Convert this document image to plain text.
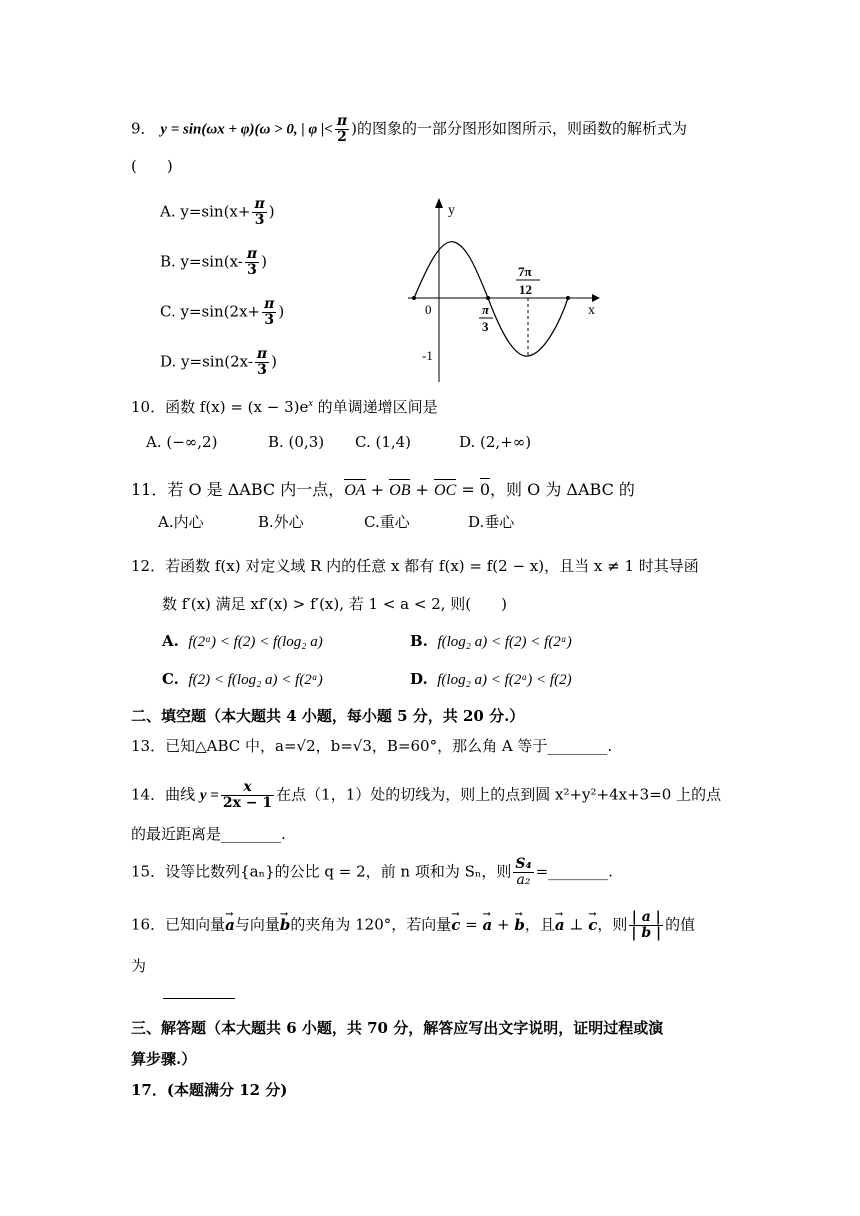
9． y = sin(ωx + φ)(ω > 0, | φ |< $\frac{\pi}{2}$ )的图象的一部分图形如图所示，则函数的解析式为
(　　)
A. $y=\sin(x+ \frac{\pi}{3}$ )
B. $y=\sin(x- \frac{\pi}{3}$ )
C. $y=\sin(2x+ \frac{\pi}{3}$ )
D. $y=\sin(2x- \frac{\pi}{3}$ )
y
x
0
-1
π
3
7π
12
10．函数 $f(x) = (x - 3)e^x$ 的单调递增区间是
A. (−∞,2)	B. (0,3) C. (1,4)	D. (2,+∞)
11．若 O 是 ΔABC 内一点，OA + OB + OC = 0，则 O 为 ΔABC 的
A.内心	B.外心	C.重心	D.垂心
12．若函数 f(x) 对定义域 R 内的任意 x 都有 f(x) = f(2 − x)，且当 x ≠ 1 时其导函
数 f′(x) 满足 xf′(x) > f′(x), 若 1 < a < 2, 则(　　)
A. f(2ᵃ) < f(2) < f(log₂ a)	B. f(log₂ a) < f(2) < f(2ᵃ)
C. f(2) < f(log₂ a) < f(2ᵃ)	D. f(log₂ a) < f(2ᵃ) < f(2)
二、填空题（本大题共 4 小题，每小题 5 分，共 20 分.）
13．已知△ABC 中，a=√2，b=√3，B=60°，那么角 A 等于________.
14．曲线 $y = \frac{x}{2x - 1}$ 在点（1，1）处的切线为，则上的点到圆 x²+y²+4x+3=0 上的点
的最近距离是________.
15．设等比数列{aₙ}的公比 q = 2，前 n 项和为 Sₙ，则 $\frac{\text{S₄}}{\text{a₂}}$ =________.
16．已知向量→ a与向量→ b的夹角为 120°，若向量→ c = → a + → b，且→ a ⊥ → c，则 $\frac{| a |}{| b |}$ 的值
为
三、解答题（本大题共 6 小题，共 70 分，解答应写出文字说明，证明过程或演
算步骤.）
17．(本题满分 12 分)
